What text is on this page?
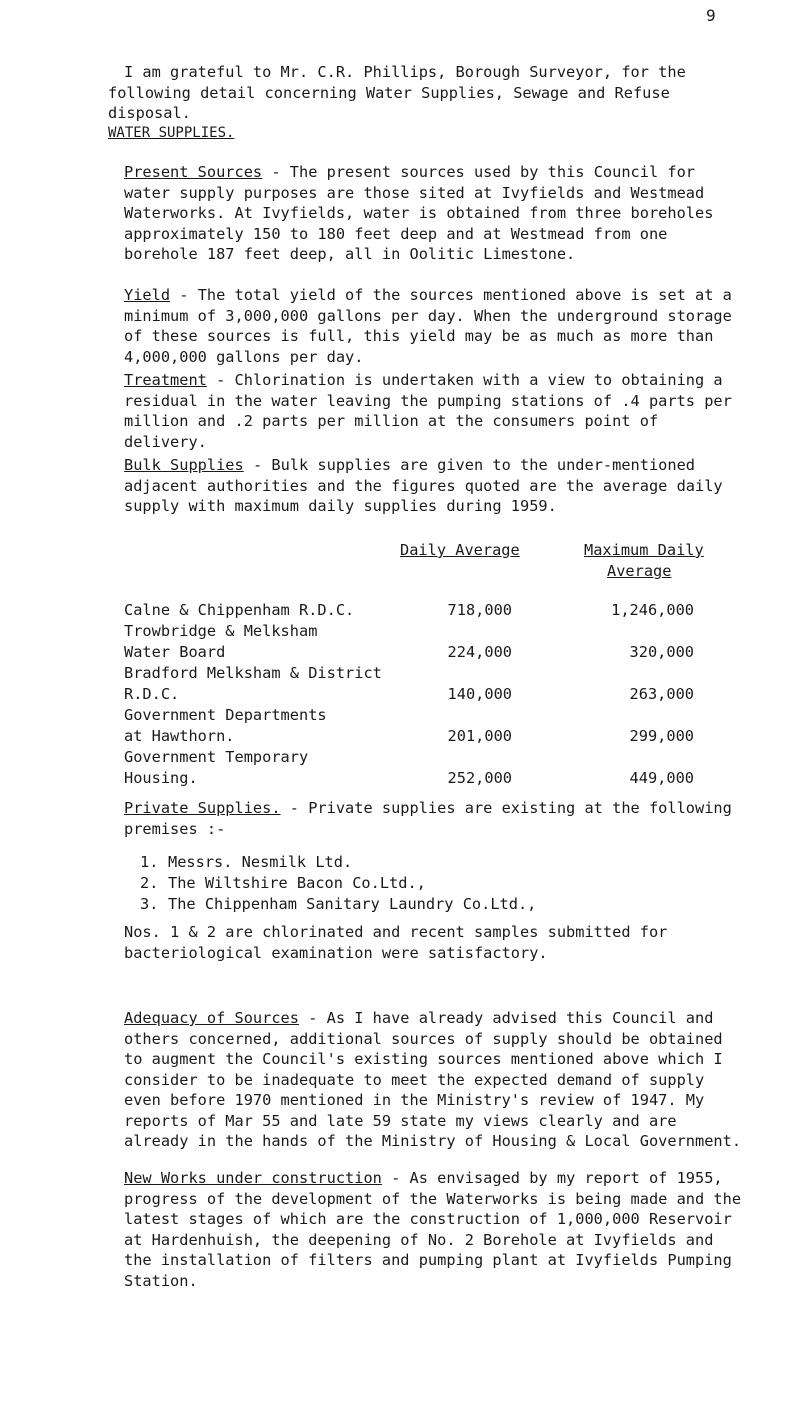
9

I am grateful to Mr. C.R. Phillips, Borough Surveyor, for the following detail concerning Water Supplies, Sewage and Refuse disposal.

WATER SUPPLIES.

Present Sources - The present sources used by this Council for water supply purposes are those sited at Ivyfields and Westmead Waterworks. At Ivyfields, water is obtained from three boreholes approximately 150 to 180 feet deep and at Westmead from one borehole 187 feet deep, all in Oolitic Limestone.

Yield - The total yield of the sources mentioned above is set at a minimum of 3,000,000 gallons per day. When the underground storage of these sources is full, this yield may be as much as more than 4,000,000 gallons per day.

Treatment - Chlorination is undertaken with a view to obtaining a residual in the water leaving the pumping stations of .4 parts per million and .2 parts per million at the consumers point of delivery.

Bulk Supplies - Bulk supplies are given to the under-mentioned adjacent authorities and the figures quoted are the average daily supply with maximum daily supplies during 1959.

Daily Average	Maximum Daily
Average
Calne & Chippenham R.D.C.	718,000	1,246,000
Trowbridge & Melksham
Water Board	224,000	320,000
Bradford Melksham & District
R.D.C.	140,000	263,000
Government Departments
at Hawthorn.	201,000	299,000
Government Temporary
Housing.	252,000	449,000

Private Supplies. - Private supplies are existing at the following premises :-

1. Messrs. Nesmilk Ltd.
2. The Wiltshire Bacon Co.Ltd.,
3. The Chippenham Sanitary Laundry Co.Ltd.,

Nos. 1 & 2 are chlorinated and recent samples submitted for bacteriological examination were satisfactory.

Adequacy of Sources - As I have already advised this Council and others concerned, additional sources of supply should be obtained to augment the Council's existing sources mentioned above which I consider to be inadequate to meet the expected demand of supply even before 1970 mentioned in the Ministry's review of 1947. My reports of Mar 55 and late 59 state my views clearly and are already in the hands of the Ministry of Housing & Local Government.

New Works under construction - As envisaged by my report of 1955, progress of the development of the Waterworks is being made and the latest stages of which are the construction of 1,000,000 Reservoir at Hardenhuish, the deepening of No. 2 Borehole at Ivyfields and the installation of filters and pumping plant at Ivyfields Pumping Station.
